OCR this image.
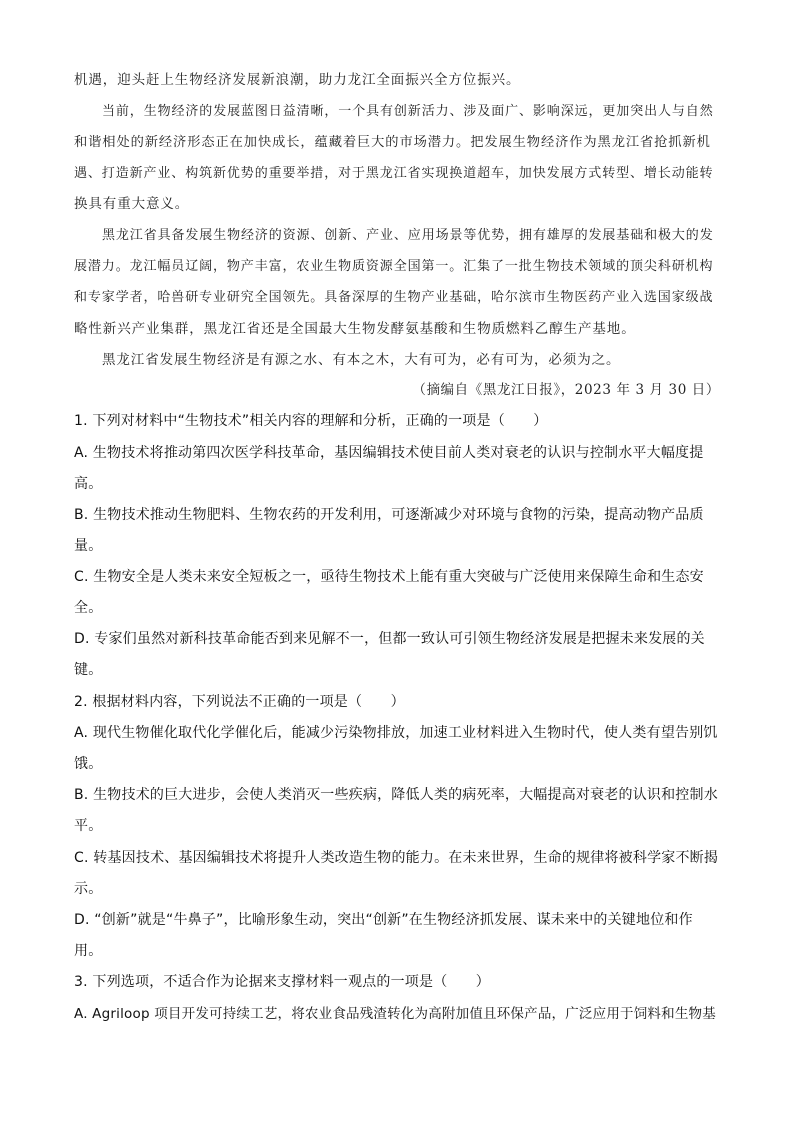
机遇，迎头赶上生物经济发展新浪潮，助力龙江全面振兴全方位振兴。
当前，生物经济的发展蓝图日益清晰，一个具有创新活力、涉及面广、影响深远，更加突出人与自然
和谐相处的新经济形态正在加快成长，蕴藏着巨大的市场潜力。把发展生物经济作为黑龙江省抢抓新机
遇、打造新产业、构筑新优势的重要举措，对于黑龙江省实现换道超车，加快发展方式转型、增长动能转
换具有重大意义。
黑龙江省具备发展生物经济的资源、创新、产业、应用场景等优势，拥有雄厚的发展基础和极大的发
展潜力。龙江幅员辽阔，物产丰富，农业生物质资源全国第一。汇集了一批生物技术领域的顶尖科研机构
和专家学者，哈兽研专业研究全国领先。具备深厚的生物产业基础，哈尔滨市生物医药产业入选国家级战
略性新兴产业集群，黑龙江省还是全国最大生物发酵氨基酸和生物质燃料乙醇生产基地。
黑龙江省发展生物经济是有源之水、有本之木，大有可为，必有可为，必须为之。
（摘编自《黑龙江日报》，2023 年 3 月 30 日）
1. 下列对材料中“生物技术”相关内容的理解和分析，正确的一项是（　　）
A. 生物技术将推动第四次医学科技革命，基因编辑技术使目前人类对衰老的认识与控制水平大幅度提
高。
B. 生物技术推动生物肥料、生物农药的开发利用，可逐渐减少对环境与食物的污染，提高动物产品质
量。
C. 生物安全是人类未来安全短板之一，亟待生物技术上能有重大突破与广泛使用来保障生命和生态安
全。
D. 专家们虽然对新科技革命能否到来见解不一，但都一致认可引领生物经济发展是把握未来发展的关
键。
2. 根据材料内容，下列说法不正确的一项是（　　）
A. 现代生物催化取代化学催化后，能减少污染物排放，加速工业材料进入生物时代，使人类有望告别饥
饿。
B. 生物技术的巨大进步，会使人类消灭一些疾病，降低人类的病死率，大幅提高对衰老的认识和控制水
平。
C. 转基因技术、基因编辑技术将提升人类改造生物的能力。在未来世界，生命的规律将被科学家不断揭
示。
D. “创新”就是“牛鼻子”，比喻形象生动，突出“创新”在生物经济抓发展、谋未来中的关键地位和作
用。
3. 下列选项，不适合作为论据来支撑材料一观点的一项是（　　）
A. Agriloop 项目开发可持续工艺，将农业食品残渣转化为高附加值且环保产品，广泛应用于饲料和生物基
